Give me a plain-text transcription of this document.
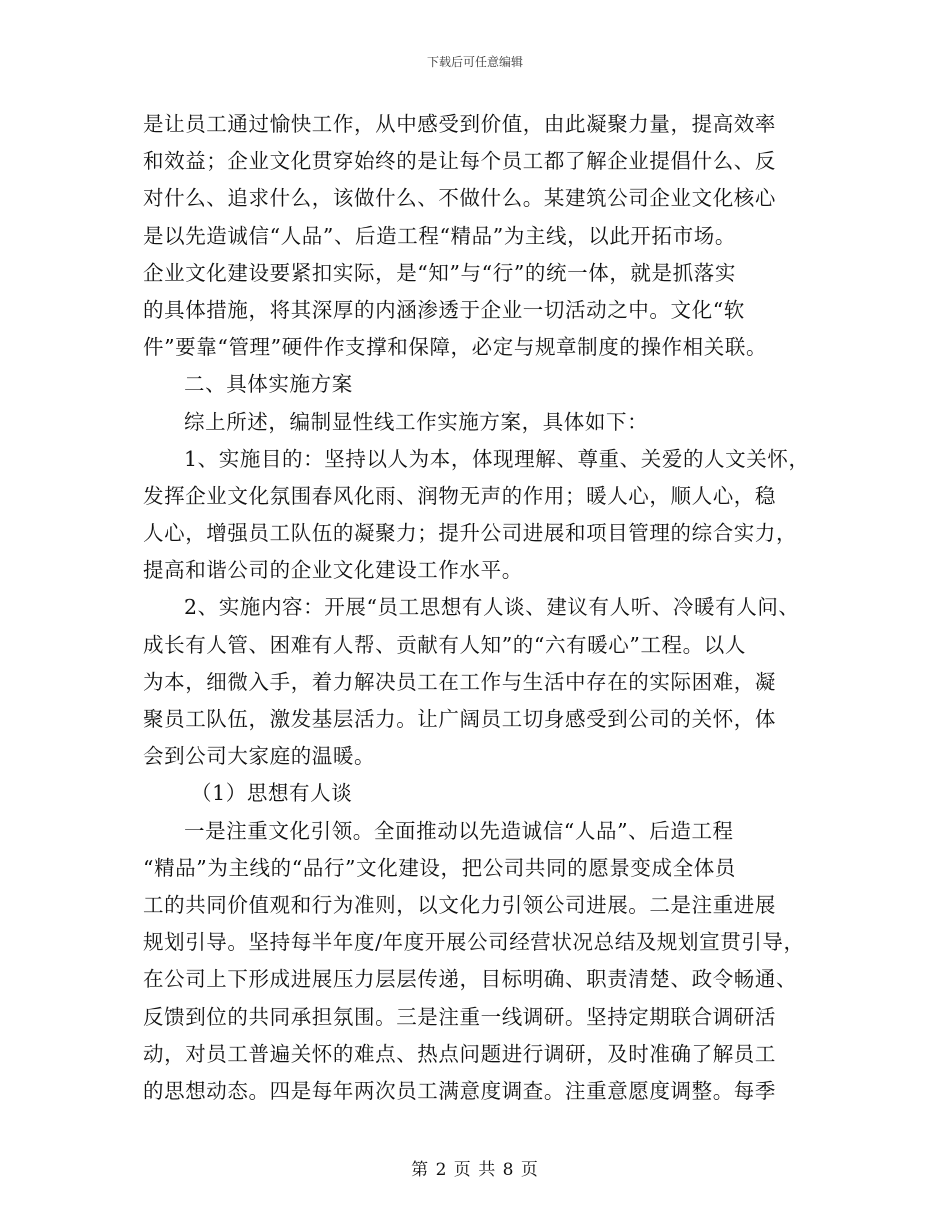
下载后可任意编辑
是让员工通过愉快工作，从中感受到价值，由此凝聚力量，提高效率
和效益；企业文化贯穿始终的是让每个员工都了解企业提倡什么、反
对什么、追求什么，该做什么、不做什么。某建筑公司企业文化核心
是以先造诚信“人品”、后造工程“精品”为主线，以此开拓市场。
企业文化建设要紧扣实际，是“知”与“行”的统一体，就是抓落实
的具体措施，将其深厚的内涵渗透于企业一切活动之中。文化“软
件”要靠“管理”硬件作支撑和保障，必定与规章制度的操作相关联。
二、具体实施方案
综上所述，编制显性线工作实施方案，具体如下：
1、实施目的：坚持以人为本，体现理解、尊重、关爱的人文关怀，
发挥企业文化氛围春风化雨、润物无声的作用；暖人心，顺人心，稳
人心，增强员工队伍的凝聚力；提升公司进展和项目管理的综合实力，
提高和谐公司的企业文化建设工作水平。
2、实施内容：开展“员工思想有人谈、建议有人听、冷暖有人问、
成长有人管、困难有人帮、贡献有人知”的“六有暖心”工程。以人
为本，细微入手，着力解决员工在工作与生活中存在的实际困难，凝
聚员工队伍，激发基层活力。让广阔员工切身感受到公司的关怀，体
会到公司大家庭的温暖。
（1）思想有人谈
一是注重文化引领。全面推动以先造诚信“人品”、后造工程
“精品”为主线的“品行”文化建设，把公司共同的愿景变成全体员
工的共同价值观和行为准则，以文化力引领公司进展。二是注重进展
规划引导。坚持每半年度/年度开展公司经营状况总结及规划宣贯引导，
在公司上下形成进展压力层层传递，目标明确、职责清楚、政令畅通、
反馈到位的共同承担氛围。三是注重一线调研。坚持定期联合调研活
动，对员工普遍关怀的难点、热点问题进行调研，及时准确了解员工
的思想动态。四是每年两次员工满意度调查。注重意愿度调整。每季
第 2 页 共 8 页
